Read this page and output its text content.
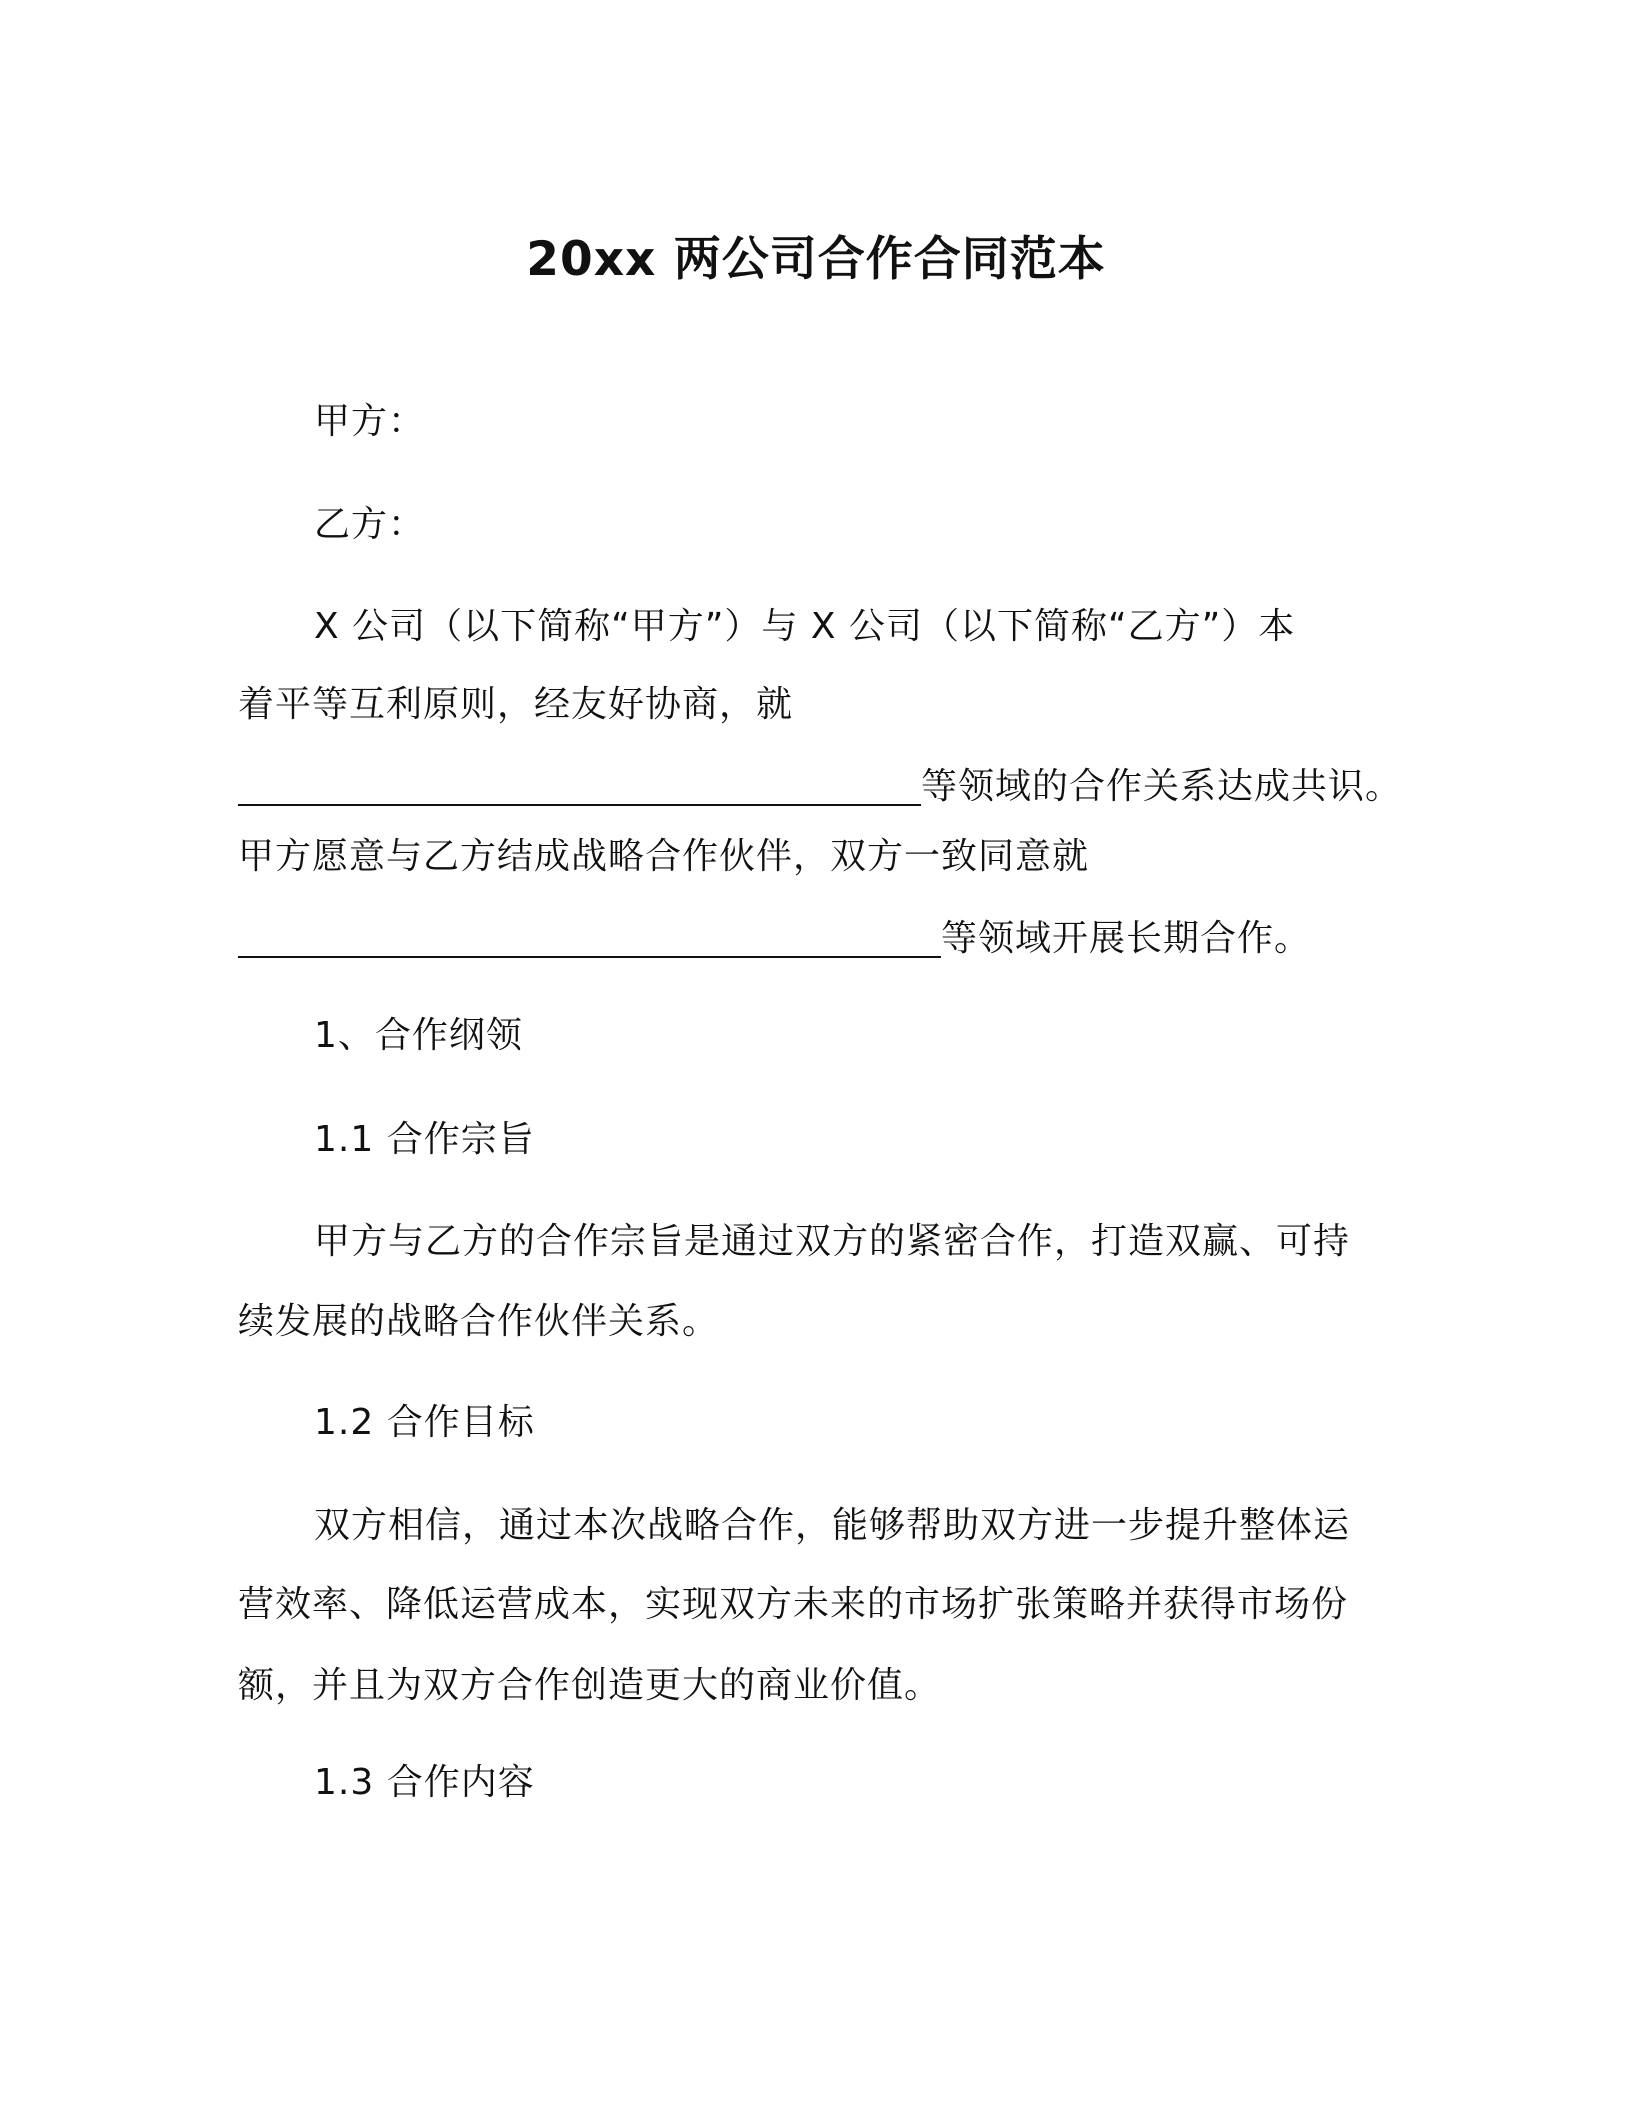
20xx 两公司合作合同范本
甲方：
乙方：
X 公司（以下简称“甲方”）与 X 公司（以下简称“乙方”）本
着平等互利原则，经友好协商，就
等领域的合作关系达成共识。
甲方愿意与乙方结成战略合作伙伴，双方一致同意就
等领域开展长期合作。
1、合作纲领
1.1 合作宗旨
甲方与乙方的合作宗旨是通过双方的紧密合作，打造双赢、可持
续发展的战略合作伙伴关系。
1.2 合作目标
双方相信，通过本次战略合作，能够帮助双方进一步提升整体运
营效率、降低运营成本，实现双方未来的市场扩张策略并获得市场份
额，并且为双方合作创造更大的商业价值。
1.3 合作内容
